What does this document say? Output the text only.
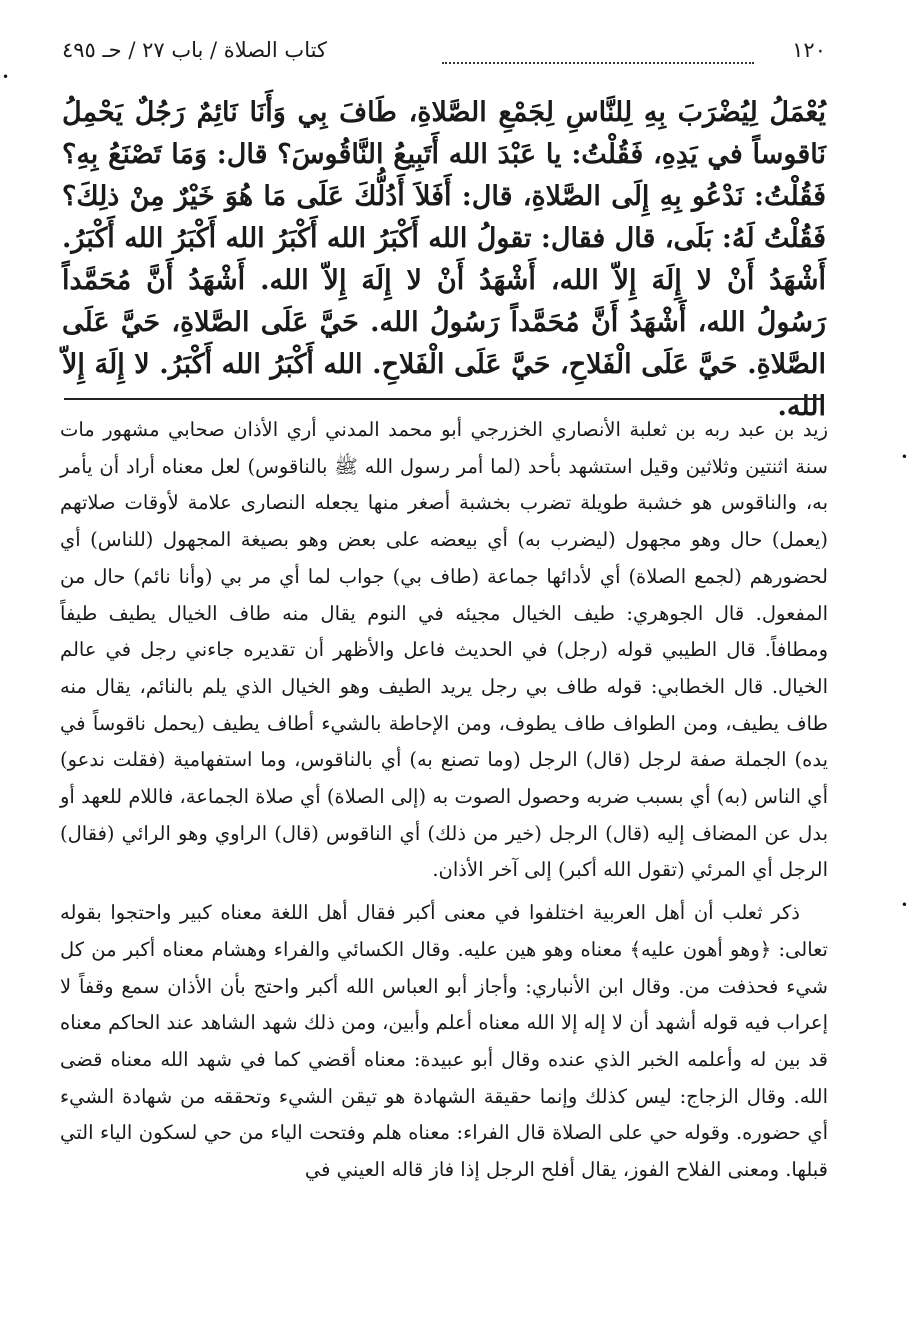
١٢٠
كتاب الصلاة / باب ٢٧ / حـ ٤٩٥

يُعْمَلُ لِيُضْرَبَ بِهِ لِلنَّاسِ لِجَمْعِ الصَّلاةِ، طَافَ بِي وَأَنَا نَائِمٌ رَجُلٌ يَحْمِلُ نَاقوساً في يَدِهِ، فَقُلْتُ: يا عَبْدَ الله أَتَبِيعُ النَّاقُوسَ؟ قال: وَمَا تَصْنَعُ بِهِ؟ فَقُلْتُ: نَدْعُو بِهِ إِلَى الصَّلاةِ، قال: أَفَلاَ أَدُلُّكَ عَلَى مَا هُوَ خَيْرٌ مِنْ ذلِكَ؟ فَقُلْتُ لَهُ: بَلَى، قال فقال: تقولُ الله أَكْبَرُ الله أَكْبَرُ الله أَكْبَرُ الله أَكْبَرُ. أَشْهَدُ أَنْ لا إِلَهَ إِلاّ الله، أَشْهَدُ أَنْ لا إِلَهَ إِلاّ الله. أَشْهَدُ أَنَّ مُحَمَّداً رَسُولُ الله، أَشْهَدُ أَنَّ مُحَمَّداً رَسُولُ الله. حَيَّ عَلَى الصَّلاةِ، حَيَّ عَلَى الصَّلاةِ. حَيَّ عَلَى الْفَلاحِ، حَيَّ عَلَى الْفَلاحِ. الله أَكْبَرُ الله أَكْبَرُ. لا إِلَهَ إِلاّ الله.

زيد بن عبد ربه بن ثعلبة الأنصاري الخزرجي أبو محمد المدني أري الأذان صحابي مشهور مات سنة اثنتين وثلاثين وقيل استشهد بأحد (لما أمر رسول الله ﷺ بالناقوس) لعل معناه أراد أن يأمر به، والناقوس هو خشبة طويلة تضرب بخشبة أصغر منها يجعله النصارى علامة لأوقات صلاتهم (يعمل) حال وهو مجهول (ليضرب به) أي بيعضه على بعض وهو بصيغة المجهول (للناس) أي لحضورهم (لجمع الصلاة) أي لأدائها جماعة (طاف بي) جواب لما أي مر بي (وأنا نائم) حال من المفعول. قال الجوهري: طيف الخيال مجيئه في النوم يقال منه طاف الخيال يطيف طيفاً ومطافاً. قال الطيبي قوله (رجل) في الحديث فاعل والأظهر أن تقديره جاءني رجل في عالم الخيال. قال الخطابي: قوله طاف بي رجل يريد الطيف وهو الخيال الذي يلم بالنائم، يقال منه طاف يطيف، ومن الطواف طاف يطوف، ومن الإحاطة بالشيء أطاف يطيف (يحمل ناقوساً في يده) الجملة صفة لرجل (قال) الرجل (وما تصنع به) أي بالناقوس، وما استفهامية (فقلت ندعو) أي الناس (به) أي بسبب ضربه وحصول الصوت به (إلى الصلاة) أي صلاة الجماعة، فاللام للعهد أو بدل عن المضاف إليه (قال) الرجل (خير من ذلك) أي الناقوس (قال) الراوي وهو الرائي (فقال) الرجل أي المرئي (تقول الله أكبر) إلى آخر الأذان.

ذكر ثعلب أن أهل العربية اختلفوا في معنى أكبر فقال أهل اللغة معناه كبير واحتجوا بقوله تعالى: ﴿وهو أهون عليه﴾ معناه وهو هين عليه. وقال الكسائي والفراء وهشام معناه أكبر من كل شيء فحذفت من. وقال ابن الأنباري: وأجاز أبو العباس الله أكبر واحتج بأن الأذان سمع وقفاً لا إعراب فيه قوله أشهد أن لا إله إلا الله معناه أعلم وأبين، ومن ذلك شهد الشاهد عند الحاكم معناه قد بين له وأعلمه الخبر الذي عنده وقال أبو عبيدة: معناه أقضي كما في شهد الله معناه قضى الله. وقال الزجاج: ليس كذلك وإنما حقيقة الشهادة هو تيقن الشيء وتحققه من شهادة الشيء أي حضوره. وقوله حي على الصلاة قال الفراء: معناه هلم وفتحت الياء من حي لسكون الياء التي قبلها. ومعنى الفلاح الفوز، يقال أفلح الرجل إذا فاز قاله العيني في

•
•
•
